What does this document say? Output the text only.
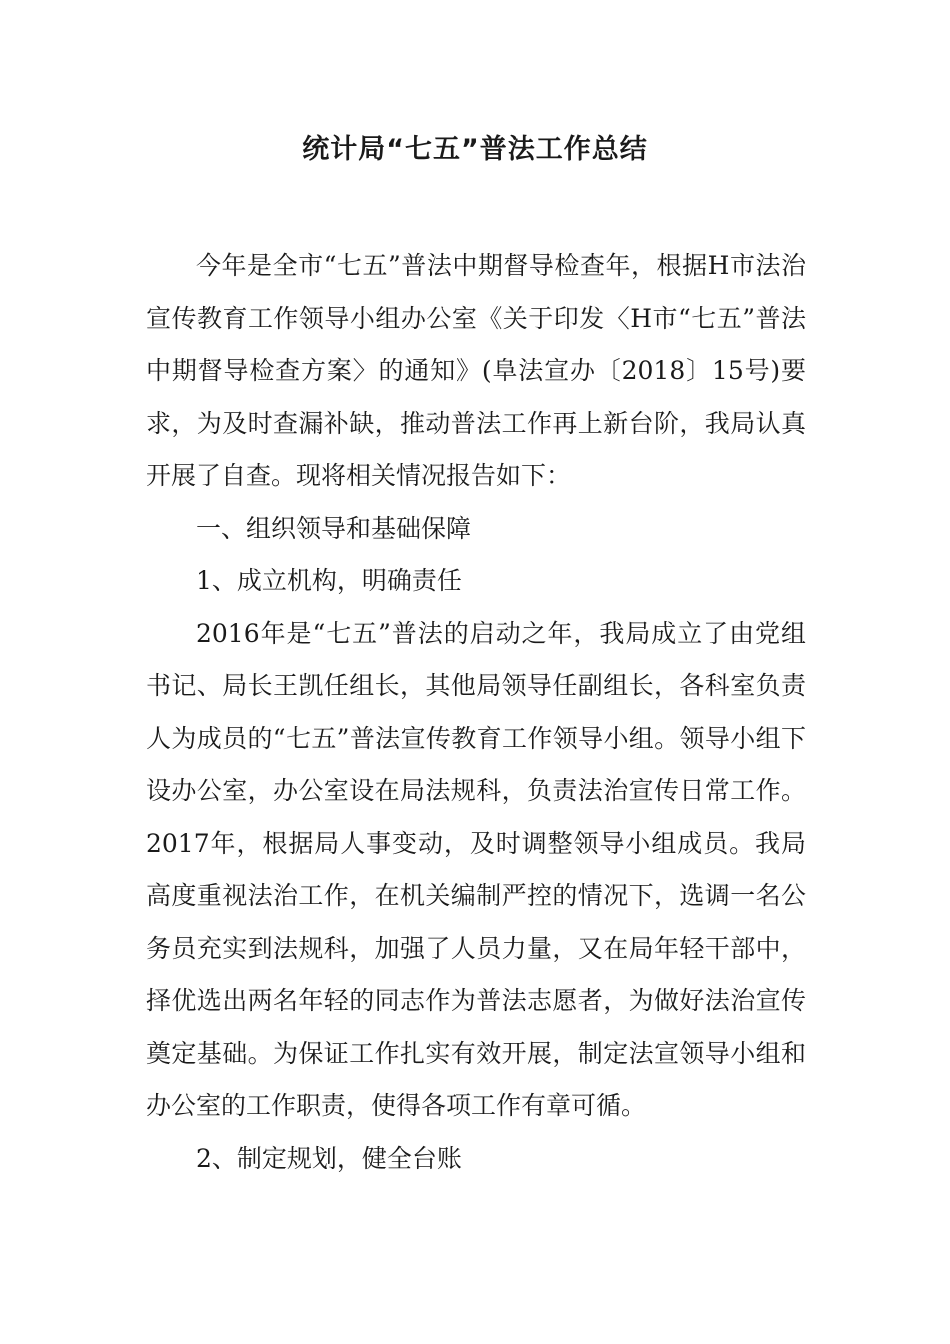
统计局“七五”普法工作总结

今年是全市“七五”普法中期督导检查年，根据H市法治宣传教育工作领导小组办公室《关于印发〈H市“七五”普法中期督导检查方案〉的通知》(阜法宣办〔2018〕15号)要求，为及时查漏补缺，推动普法工作再上新台阶，我局认真开展了自查。现将相关情况报告如下：

一、组织领导和基础保障

1、成立机构，明确责任

2016年是“七五”普法的启动之年，我局成立了由党组书记、局长王凯任组长，其他局领导任副组长，各科室负责人为成员的“七五”普法宣传教育工作领导小组。领导小组下设办公室，办公室设在局法规科，负责法治宣传日常工作。2017年，根据局人事变动，及时调整领导小组成员。我局高度重视法治工作，在机关编制严控的情况下，选调一名公务员充实到法规科，加强了人员力量，又在局年轻干部中，择优选出两名年轻的同志作为普法志愿者，为做好法治宣传奠定基础。为保证工作扎实有效开展，制定法宣领导小组和办公室的工作职责，使得各项工作有章可循。

2、制定规划，健全台账
